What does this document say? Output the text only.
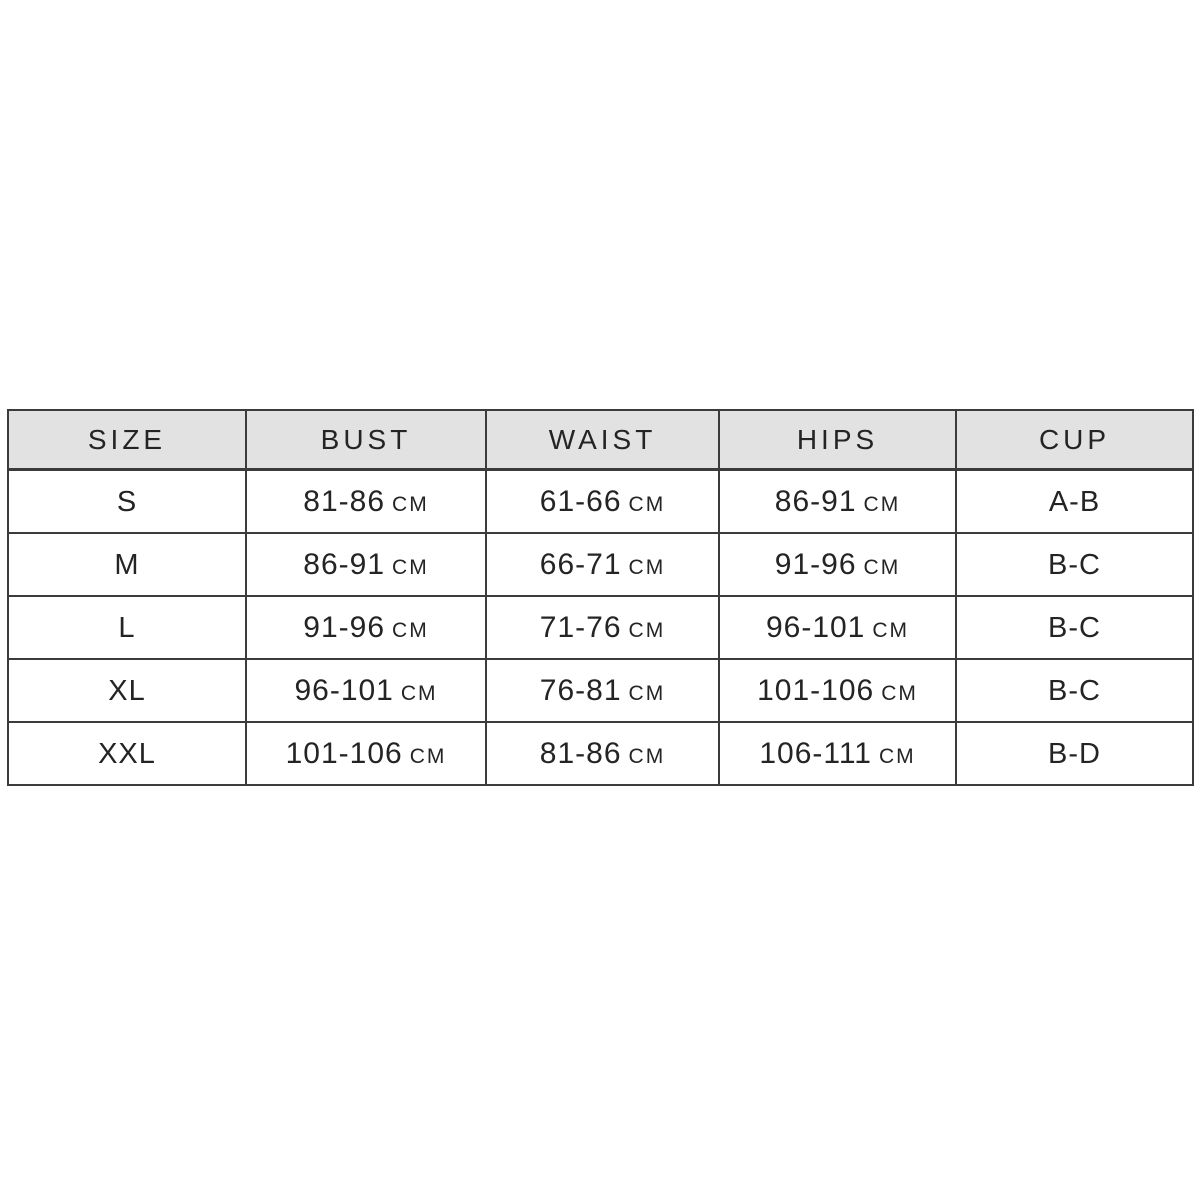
SIZE	BUST	WAIST	HIPS	CUP
S	81-86 CM	61-66 CM	86-91 CM	A-B
M	86-91 CM	66-71 CM	91-96 CM	B-C
L	91-96 CM	71-76 CM	96-101 CM	B-C
XL	96-101 CM	76-81 CM	101-106 CM	B-C
XXL	101-106 CM	81-86 CM	106-111 CM	B-D
